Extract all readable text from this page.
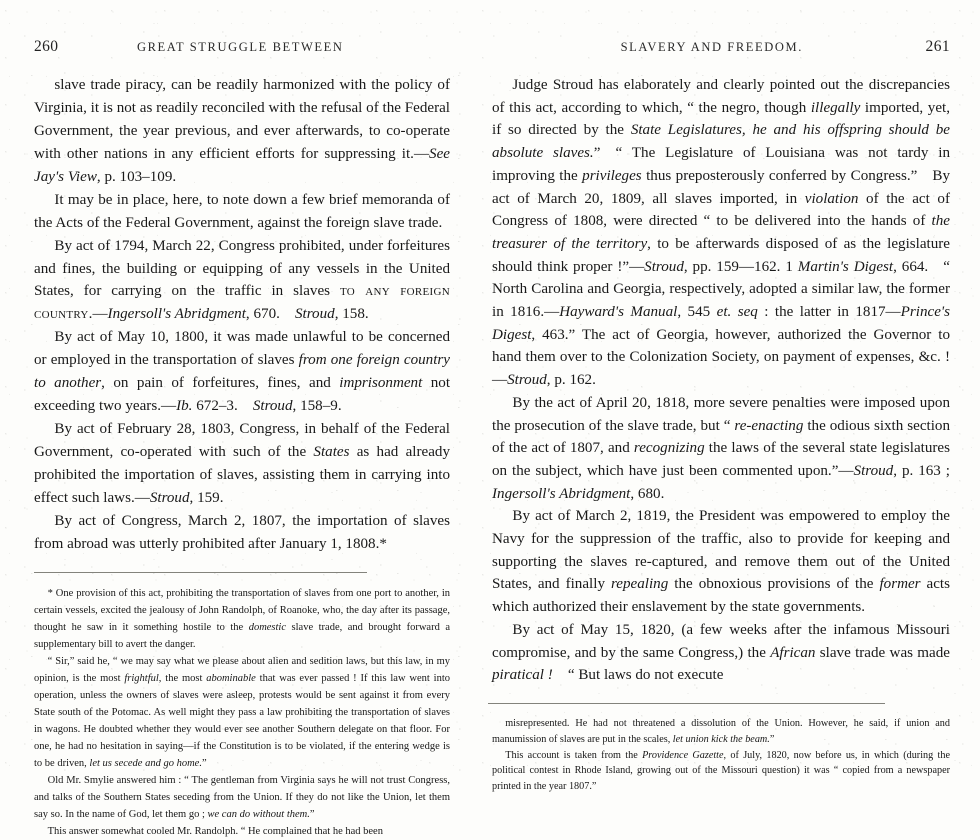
260	GREAT STRUGGLE BETWEEN

slave trade piracy, can be readily harmonized with the policy of Virginia, it is not as readily reconciled with the refusal of the Federal Government, the year previous, and ever afterwards, to co-operate with other nations in any efficient efforts for suppressing it.—See Jay's View, p. 103–109.

It may be in place, here, to note down a few brief memoranda of the Acts of the Federal Government, against the foreign slave trade.

By act of 1794, March 22, Congress prohibited, under forfeitures and fines, the building or equipping of any vessels in the United States, for carrying on the traffic in slaves to any foreign country.—Ingersoll's Abridgment, 670. Stroud, 158.

By act of May 10, 1800, it was made unlawful to be concerned or employed in the transportation of slaves from one foreign country to another, on pain of forfeitures, fines, and imprisonment not exceeding two years.—Ib. 672–3. Stroud, 158–9.

By act of February 28, 1803, Congress, in behalf of the Federal Government, co-operated with such of the States as had already prohibited the importation of slaves, assisting them in carrying into effect such laws.—Stroud, 159.

By act of Congress, March 2, 1807, the importation of slaves from abroad was utterly prohibited after January 1, 1808.*

* One provision of this act, prohibiting the transportation of slaves from one port to another, in certain vessels, excited the jealousy of John Randolph, of Roanoke, who, the day after its passage, thought he saw in it something hostile to the domestic slave trade, and brought forward a supplementary bill to avert the danger.

“ Sir,” said he, “ we may say what we please about alien and sedition laws, but this law, in my opinion, is the most frightful, the most abominable that was ever passed ! If this law went into operation, unless the owners of slaves were asleep, protests would be sent against it from every State south of the Potomac. As well might they pass a law prohibiting the transportation of slaves in wagons. He doubted whether they would ever see another Southern delegate on that floor. For one, he had no hesitation in saying—if the Constitution is to be violated, if the entering wedge is to be driven, let us secede and go home.”

Old Mr. Smylie answered him : “ The gentleman from Virginia says he will not trust Congress, and talks of the Southern States seceding from the Union. If they do not like the Union, let them say so. In the name of God, let them go ; we can do without them.”

This answer somewhat cooled Mr. Randolph. “ He complained that he had been

SLAVERY AND FREEDOM.	261

Judge Stroud has elaborately and clearly pointed out the discrepancies of this act, according to which, “ the negro, though illegally imported, yet, if so directed by the State Legislatures, he and his offspring should be absolute slaves.” “ The Legislature of Louisiana was not tardy in improving the privileges thus preposterously conferred by Congress.” By act of March 20, 1809, all slaves imported, in violation of the act of Congress of 1808, were directed “ to be delivered into the hands of the treasurer of the territory, to be afterwards disposed of as the legislature should think proper !”—Stroud, pp. 159—162. 1 Martin's Digest, 664. “ North Carolina and Georgia, respectively, adopted a similar law, the former in 1816.—Hayward's Manual, 545 et. seq : the latter in 1817—Prince's Digest, 463.” The act of Georgia, however, authorized the Governor to hand them over to the Colonization Society, on payment of expenses, &c. !—Stroud, p. 162.

By the act of April 20, 1818, more severe penalties were imposed upon the prosecution of the slave trade, but “ re-enacting the odious sixth section of the act of 1807, and recognizing the laws of the several state legislatures on the subject, which have just been commented upon.”—Stroud, p. 163 ; Ingersoll's Abridgment, 680.

By act of March 2, 1819, the President was empowered to employ the Navy for the suppression of the traffic, also to provide for keeping and supporting the slaves re-captured, and remove them out of the United States, and finally repealing the obnoxious provisions of the former acts which authorized their enslavement by the state governments.

By act of May 15, 1820, (a few weeks after the infamous Missouri compromise, and by the same Congress,) the African slave trade was made piratical ! “ But laws do not execute

misrepresented. He had not threatened a dissolution of the Union. However, he said, if union and manumission of slaves are put in the scales, let union kick the beam.”

This account is taken from the Providence Gazette, of July, 1820, now before us, in which (during the political contest in Rhode Island, growing out of the Missouri question) it was “ copied from a newspaper printed in the year 1807.”
